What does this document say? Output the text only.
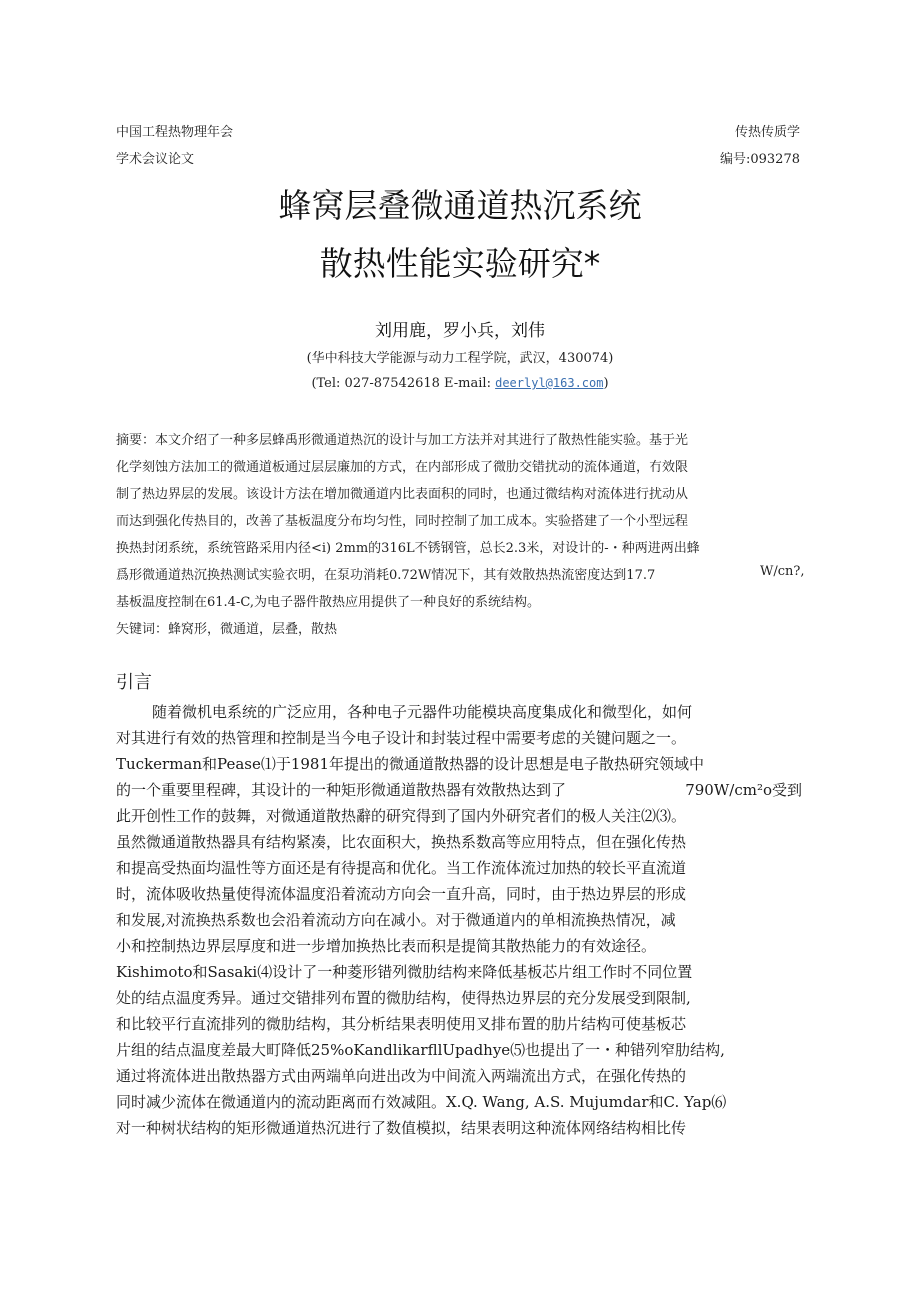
中国工程热物理年会	传热传质学
学术会议论文	编号:093278
蜂窝层叠微通道热沉系统
散热性能实验研究*
刘用鹿，罗小兵，刘伟
(华中科技大学能源与动力工程学院，武汉，430074)
(Tel: 027-87542618 E-mail: deerlyl@163.com)
摘要：本文介绍了一种多层蜂禹形微通道热沉的设计与加工方法并对其进行了散热性能实验。基于光
化学刻蚀方法加工的微通道板通过层层廉加的方式，在内部形成了微肋交错扰动的流体通道，冇效限
制了热边界层的发展。该设计方法在增加微通道内比表面积的同时，也通过微结构对流体进行扰动从
而达到强化传热目的，改善了基板温度分布均匀性，同时控制了加工成本。实验搭建了一个小型远程
换热封闭系统，系统管路采用内径<i) 2mm的316L不锈钢管，总长2.3米，对设计的-・种两进两出蜂
爲形微通道热沉换热测试实验衣明，在泵功消耗0.72W情况下，其有效散热热流密度达到17.7	W/cn?,
基板温度控制在61.4-C,为电子器件散热应用提供了一种良好的系统结构。
矢键词：蜂窝形，微通道，层叠，散热
引言
随着微机电系统的广泛应用，各种电子元器件功能模块高度集成化和微型化，如何
对其进行有效的热管理和控制是当今电子设计和封装过程中需要考虑的关键问题之一。
Tuckerman和Pease⑴于1981年提出的微通道散热器的设计思想是电子散热研究领域中
的一个重要里程碑，其设计的一种矩形微通道散热器有效散热达到了	790W/cm²o受到
此开创性工作的鼓舞，对微通道散热辭的研究得到了国内外研究者们的极人关注⑵⑶。
虽然微通道散热器具有结构紧凑，比农面积大，换热系数高等应用特点，但在强化传热
和提高受热面均温性等方面还是有待提高和优化。当工作流体流过加热的较长平直流道
时，流体吸收热量使得流体温度沿着流动方向会一直升高，同时，由于热边界层的形成
和发展,对流换热系数也会沿着流动方向在减小。对于微通道内的单相流换热情况，减
小和控制热边界层厚度和进一步增加换热比表而积是提简其散热能力的有效途径。
Kishimoto和Sasaki⑷设计了一种菱形错列微肋结构来降低基板芯片组工作时不同位置
处的结点温度秀异。通过交错排列布置的微肋结构，使得热边界层的充分发展受到限制,
和比较平行直流排列的微肋结构，其分析结果表明使用叉排布置的肋片结构可使基板芯
片组的结点温度差最大町降低25%oKandlikarfllUpadhye⑸也提出了一・种错列窄肋结构,
通过将流体进出散热器方式由两端单向进出改为中间流入两端流出方式，在强化传热的
同时减少流体在微通道内的流动距离而冇效减阻。X.Q. Wang, A.S. Mujumdar和C. Yap⑹
对一种树状结构的矩形微通道热沉进行了数值模拟，结果表明这种流体网络结构相比传
